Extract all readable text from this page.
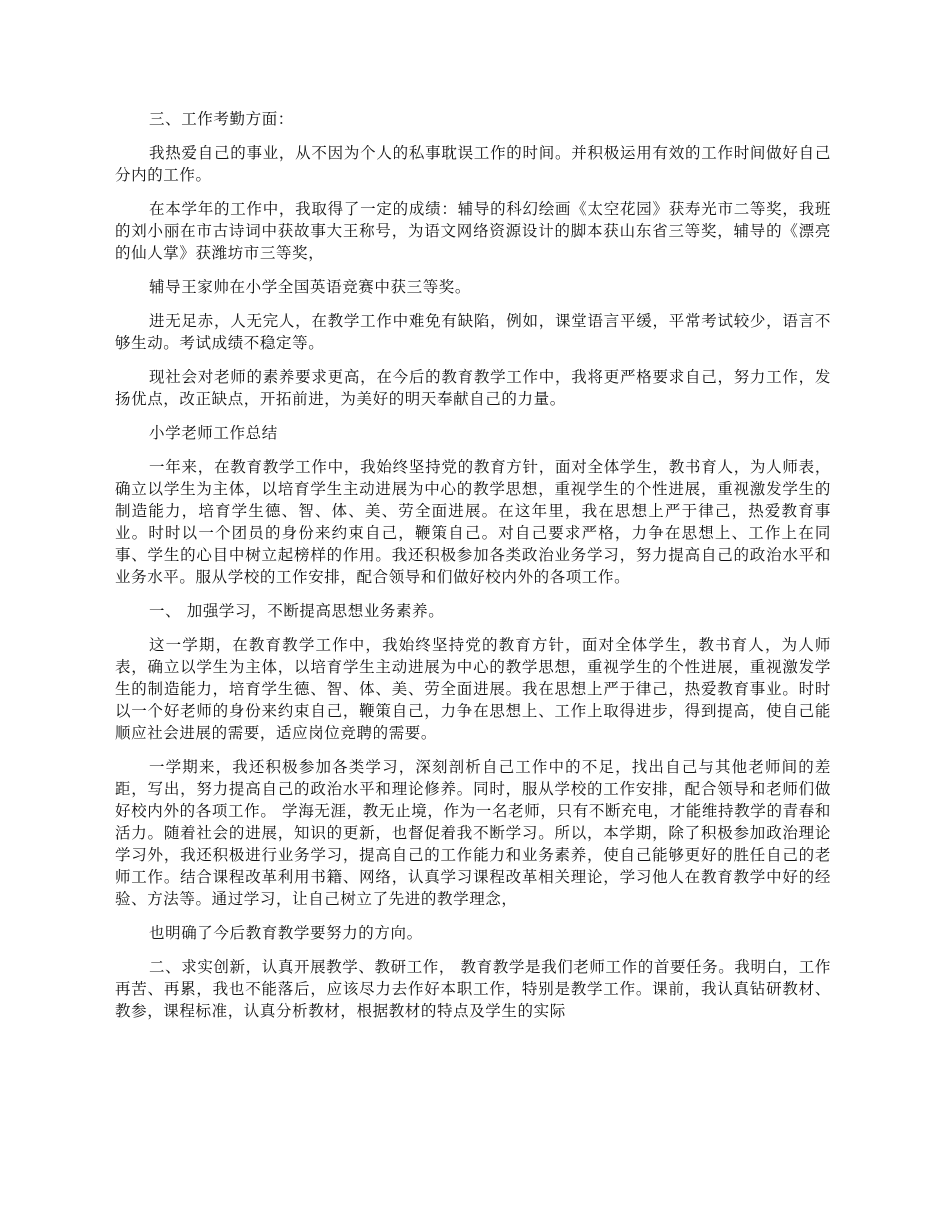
三、工作考勤方面：

我热爱自己的事业，从不因为个人的私事耽误工作的时间。并积极运用有效的工作时间做好自己分内的工作。

在本学年的工作中，我取得了一定的成绩：辅导的科幻绘画《太空花园》获寿光市二等奖，我班的刘小丽在市古诗词中获故事大王称号，为语文网络资源设计的脚本获山东省三等奖，辅导的《漂亮的仙人掌》获潍坊市三等奖，

辅导王家帅在小学全国英语竞赛中获三等奖。

进无足赤，人无完人，在教学工作中难免有缺陷，例如，课堂语言平缓，平常考试较少，语言不够生动。考试成绩不稳定等。

现社会对老师的素养要求更高，在今后的教育教学工作中，我将更严格要求自己，努力工作，发扬优点，改正缺点，开拓前进，为美好的明天奉献自己的力量。

小学老师工作总结

一年来，在教育教学工作中，我始终坚持党的教育方针，面对全体学生，教书育人，为人师表，确立以学生为主体，以培育学生主动进展为中心的教学思想，重视学生的个性进展，重视激发学生的制造能力，培育学生德、智、体、美、劳全面进展。在这年里，我在思想上严于律己，热爱教育事业。时时以一个团员的身份来约束自己，鞭策自己。对自己要求严格，力争在思想上、工作上在同事、学生的心目中树立起榜样的作用。我还积极参加各类政治业务学习，努力提高自己的政治水平和业务水平。服从学校的工作安排，配合领导和们做好校内外的各项工作。

一、 加强学习，不断提高思想业务素养。

这一学期，在教育教学工作中，我始终坚持党的教育方针，面对全体学生，教书育人，为人师表，确立以学生为主体，以培育学生主动进展为中心的教学思想，重视学生的个性进展，重视激发学生的制造能力，培育学生德、智、体、美、劳全面进展。我在思想上严于律己，热爱教育事业。时时以一个好老师的身份来约束自己，鞭策自己，力争在思想上、工作上取得进步，得到提高，使自己能顺应社会进展的需要，适应岗位竞聘的需要。

一学期来，我还积极参加各类学习，深刻剖析自己工作中的不足，找出自己与其他老师间的差距，写出，努力提高自己的政治水平和理论修养。同时，服从学校的工作安排，配合领导和老师们做好校内外的各项工作。 学海无涯，教无止境，作为一名老师，只有不断充电，才能维持教学的青春和活力。随着社会的进展，知识的更新，也督促着我不断学习。所以，本学期，除了积极参加政治理论学习外，我还积极进行业务学习，提高自己的工作能力和业务素养，使自己能够更好的胜任自己的老师工作。结合课程改革利用书籍、网络，认真学习课程改革相关理论，学习他人在教育教学中好的经验、方法等。通过学习，让自己树立了先进的教学理念，

也明确了今后教育教学要努力的方向。

二、求实创新，认真开展教学、教研工作， 教育教学是我们老师工作的首要任务。我明白，工作再苦、再累，我也不能落后，应该尽力去作好本职工作，特别是教学工作。课前，我认真钻研教材、教参，课程标准，认真分析教材，根据教材的特点及学生的实际
